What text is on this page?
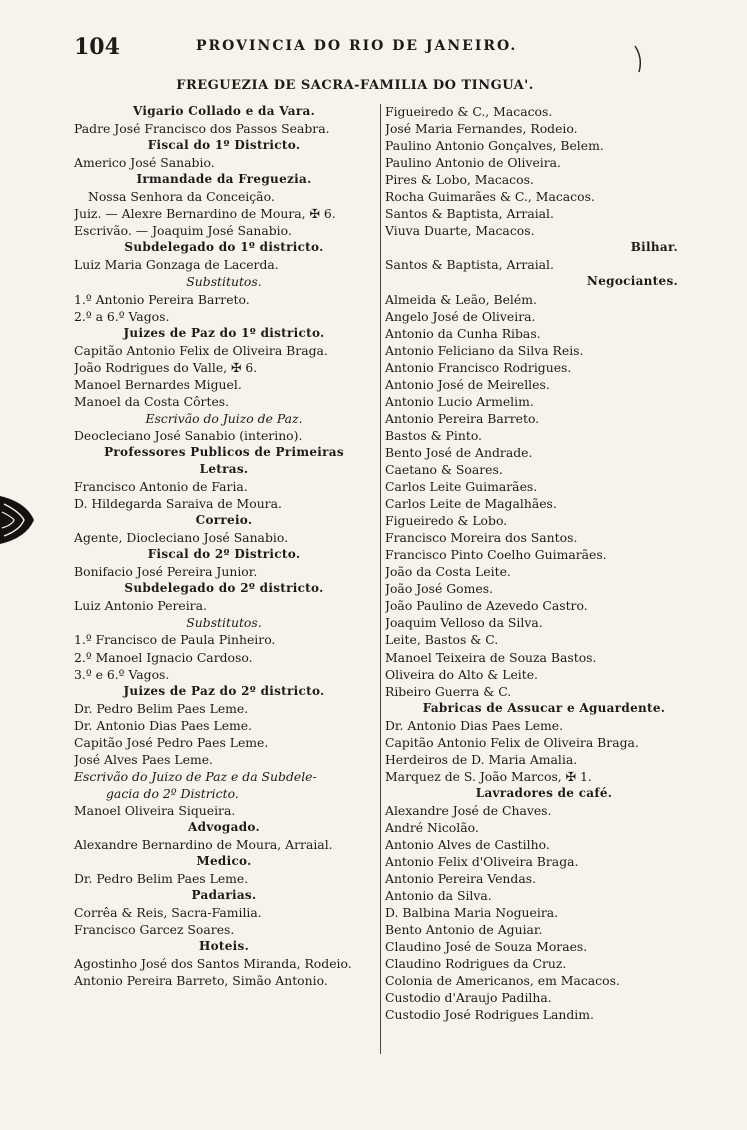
104	PROVINCIA DO RIO DE JANEIRO.
FREGUEZIA DE SACRA-FAMILIA DO TINGUA'.
Vigario Collado e da Vara.
Padre José Francisco dos Passos Seabra.
Fiscal do 1º Districto.
Americo José Sanabio.
Irmandade da Freguezia.
Nossa Senhora da Conceição.
Juiz. — Alexre Bernardino de Moura, ✠ 6.
Escrivão. — Joaquim José Sanabio.
Subdelegado do 1º districto.
Luiz Maria Gonzaga de Lacerda.
Substitutos.
1.º Antonio Pereira Barreto.
2.º a 6.º Vagos.
Juizes de Paz do 1º districto.
Capitão Antonio Felix de Oliveira Braga.
João Rodrigues do Valle, ✠ 6.
Manoel Bernardes Miguel.
Manoel da Costa Côrtes.
Escrivão do Juizo de Paz.
Deocleciano José Sanabio (interino).
Professores Publicos de Primeiras
Letras.
Francisco Antonio de Faria.
D. Hildegarda Saraiva de Moura.
Correio.
Agente, Diocleciano José Sanabio.
Fiscal do 2º Districto.
Bonifacio José Pereira Junior.
Subdelegado do 2º districto.
Luiz Antonio Pereira.
Substitutos.
1.º Francisco de Paula Pinheiro.
2.º Manoel Ignacio Cardoso.
3.º e 6.º Vagos.
Juizes de Paz do 2º districto.
Dr. Pedro Belim Paes Leme.
Dr. Antonio Dias Paes Leme.
Capitão José Pedro Paes Leme.
José Alves Paes Leme.
Escrivão do Juizo de Paz e da Subdele-
gacia do 2º Districto.
Manoel Oliveira Siqueira.
Advogado.
Alexandre Bernardino de Moura, Arraial.
Medico.
Dr. Pedro Belim Paes Leme.
Padarias.
Corrêa & Reis, Sacra-Familia.
Francisco Garcez Soares.
Hoteis.
Agostinho José dos Santos Miranda, Rodeio.
Antonio Pereira Barreto, Simão Antonio.
Figueiredo & C., Macacos.
José Maria Fernandes, Rodeio.
Paulino Antonio Gonçalves, Belem.
Paulino Antonio de Oliveira.
Pires & Lobo, Macacos.
Rocha Guimarães & C., Macacos.
Santos & Baptista, Arraial.
Viuva Duarte, Macacos.
Bilhar.
Santos & Baptista, Arraial.
Negociantes.
Almeida & Leão, Belém.
Angelo José de Oliveira.
Antonio da Cunha Ribas.
Antonio Feliciano da Silva Reis.
Antonio Francisco Rodrigues.
Antonio José de Meirelles.
Antonio Lucio Armelim.
Antonio Pereira Barreto.
Bastos & Pinto.
Bento José de Andrade.
Caetano & Soares.
Carlos Leite Guimarães.
Carlos Leite de Magalhães.
Figueiredo & Lobo.
Francisco Moreira dos Santos.
Francisco Pinto Coelho Guimarães.
João da Costa Leite.
João José Gomes.
João Paulino de Azevedo Castro.
Joaquim Velloso da Silva.
Leite, Bastos & C.
Manoel Teixeira de Souza Bastos.
Oliveira do Alto & Leite.
Ribeiro Guerra & C.
Fabricas de Assucar e Aguardente.
Dr. Antonio Dias Paes Leme.
Capitão Antonio Felix de Oliveira Braga.
Herdeiros de D. Maria Amalia.
Marquez de S. João Marcos, ✠ 1.
Lavradores de café.
Alexandre José de Chaves.
André Nicolão.
Antonio Alves de Castilho.
Antonio Felix d'Oliveira Braga.
Antonio Pereira Vendas.
Antonio da Silva.
D. Balbina Maria Nogueira.
Bento Antonio de Aguiar.
Claudino José de Souza Moraes.
Claudino Rodrigues da Cruz.
Colonia de Americanos, em Macacos.
Custodio d'Araujo Padilha.
Custodio José Rodrigues Landim.
